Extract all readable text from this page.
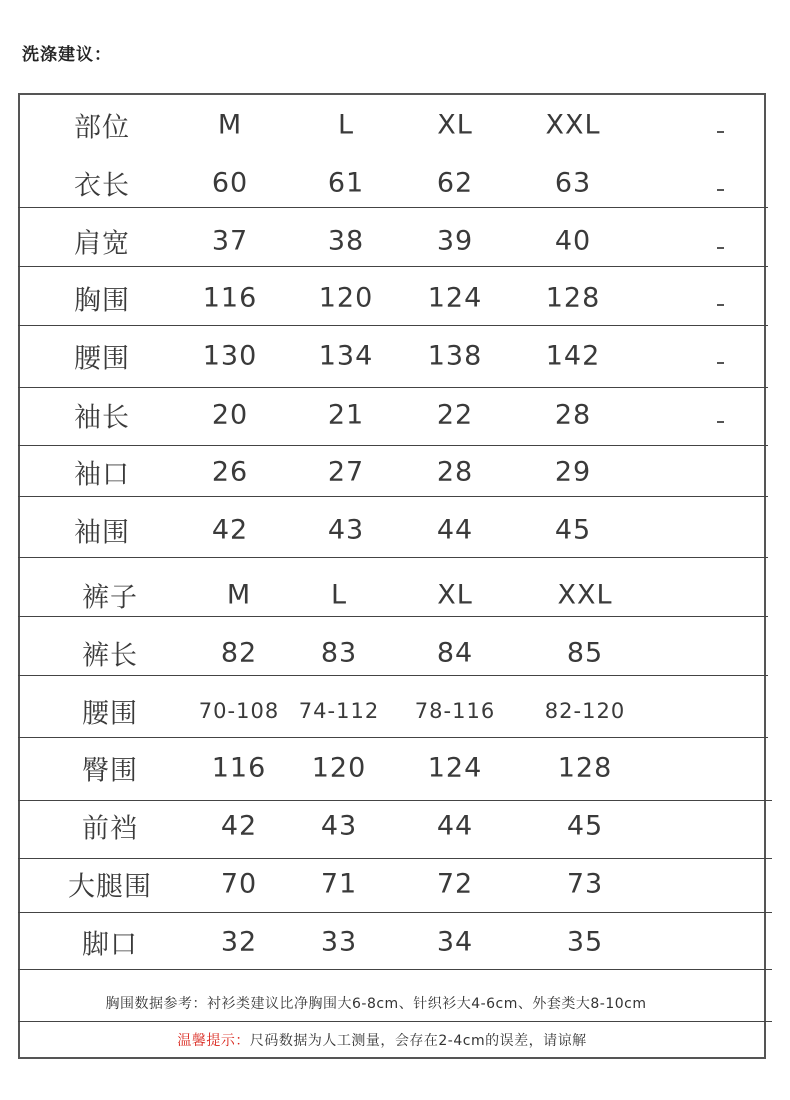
洗涤建议：
部位	M	L	XL	XXL
衣长	60	61	62	63
肩宽	37	38	39	40
胸围	116 120 124 128
腰围	130 134 138 142
袖长	20	21	22	28
袖口	26	27	28	29
袖围	42	43	44	45
裤子	M	L	XL	XXL
裤长	82 83	84	85
腰围	70-108 74-112 78-116 82-120
臀围	116 120 124	128
前裆	42 43	44	45
大腿围	70 71	72	73
脚口	32 33	34	35
胸围数据参考：衬衫类建议比净胸围大6-8cm、针织衫大4-6cm、外套类大8-10cm
温馨提示：尺码数据为人工测量，会存在2-4cm的误差，请谅解
